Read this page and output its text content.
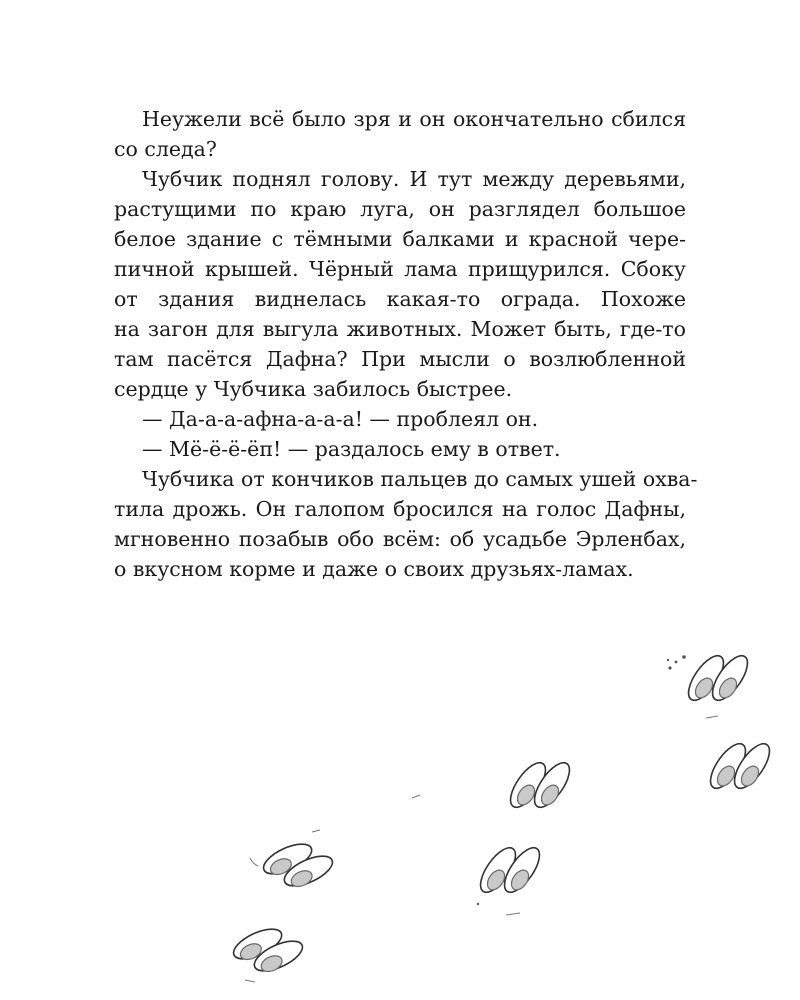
Неужели всё было зря и он окончательно сбился
со следа?
Чубчик поднял голову. И тут между деревьями,
растущими по краю луга, он разглядел большое
белое здание с тёмными балками и красной чере-
пичной крышей. Чёрный лама прищурился. Сбоку
от здания виднелась какая-то ограда. Похоже
на загон для выгула животных. Может быть, где-то
там пасётся Дафна? При мысли о возлюбленной
сердце у Чубчика забилось быстрее.
— Да-а-а-афна-а-а-а! — проблеял он.
— Мё-ё-ё-ёп! — раздалось ему в ответ.
Чубчика от кончиков пальцев до самых ушей охва-
тила дрожь. Он галопом бросился на голос Дафны,
мгновенно позабыв обо всём: об усадьбе Эрленбах,
о вкусном корме и даже о своих друзьях-ламах.
